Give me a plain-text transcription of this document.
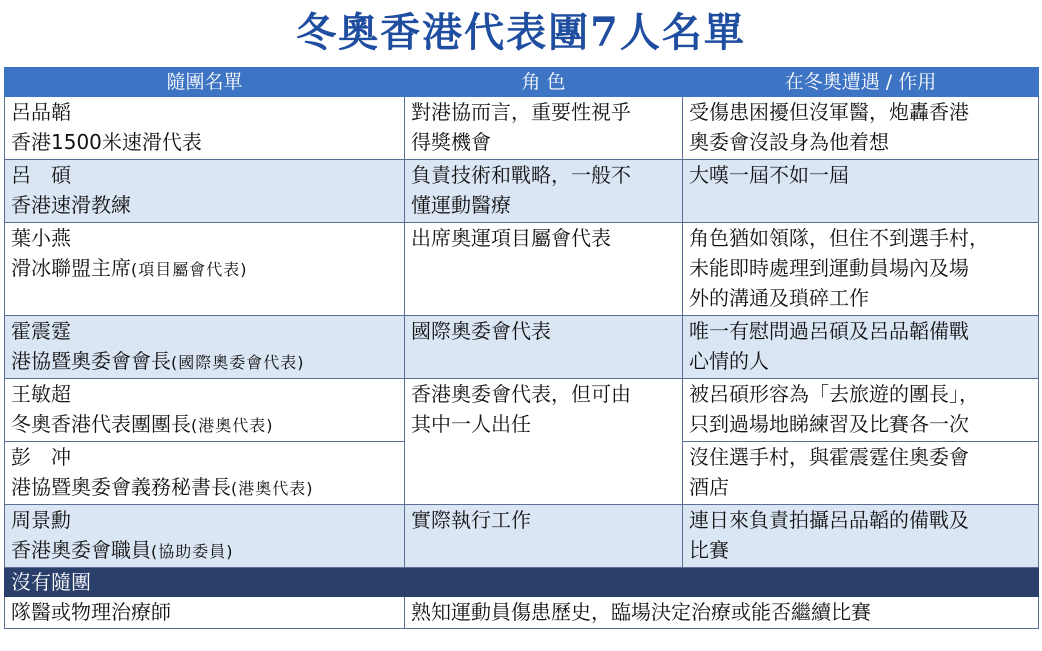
冬奧香港代表團7人名單
隨團名單	角 色	在冬奧遭遇 / 作用

呂品韜
香港1500米速滑代表	對港協而言，重要性視乎
得獎機會	受傷患困擾但沒軍醫，炮轟香港
奧委會沒設身為他着想

呂　碩
香港速滑教練	負責技術和戰略，一般不
懂運動醫療	大嘆一屆不如一屆

葉小燕
滑冰聯盟主席(項目屬會代表)	出席奧運項目屬會代表	角色猶如領隊，但住不到選手村，
未能即時處理到運動員場內及場
外的溝通及瑣碎工作

霍震霆
港協暨奧委會會長(國際奧委會代表)	國際奧委會代表	唯一有慰問過呂碩及呂品韜備戰
心情的人

王敏超
冬奧香港代表團團長(港奧代表)	香港奧委會代表，但可由
其中一人出任	被呂碩形容為「去旅遊的團長」，
只到過場地睇練習及比賽各一次

彭　冲
港協暨奧委會義務秘書長(港奧代表)		沒住選手村，與霍震霆住奧委會
酒店

周景勳
香港奧委會職員(協助委員)	實際執行工作	連日來負責拍攝呂品韜的備戰及
比賽

沒有隨團		
隊醫或物理治療師	熟知運動員傷患歷史，臨場決定治療或能否繼續比賽	
